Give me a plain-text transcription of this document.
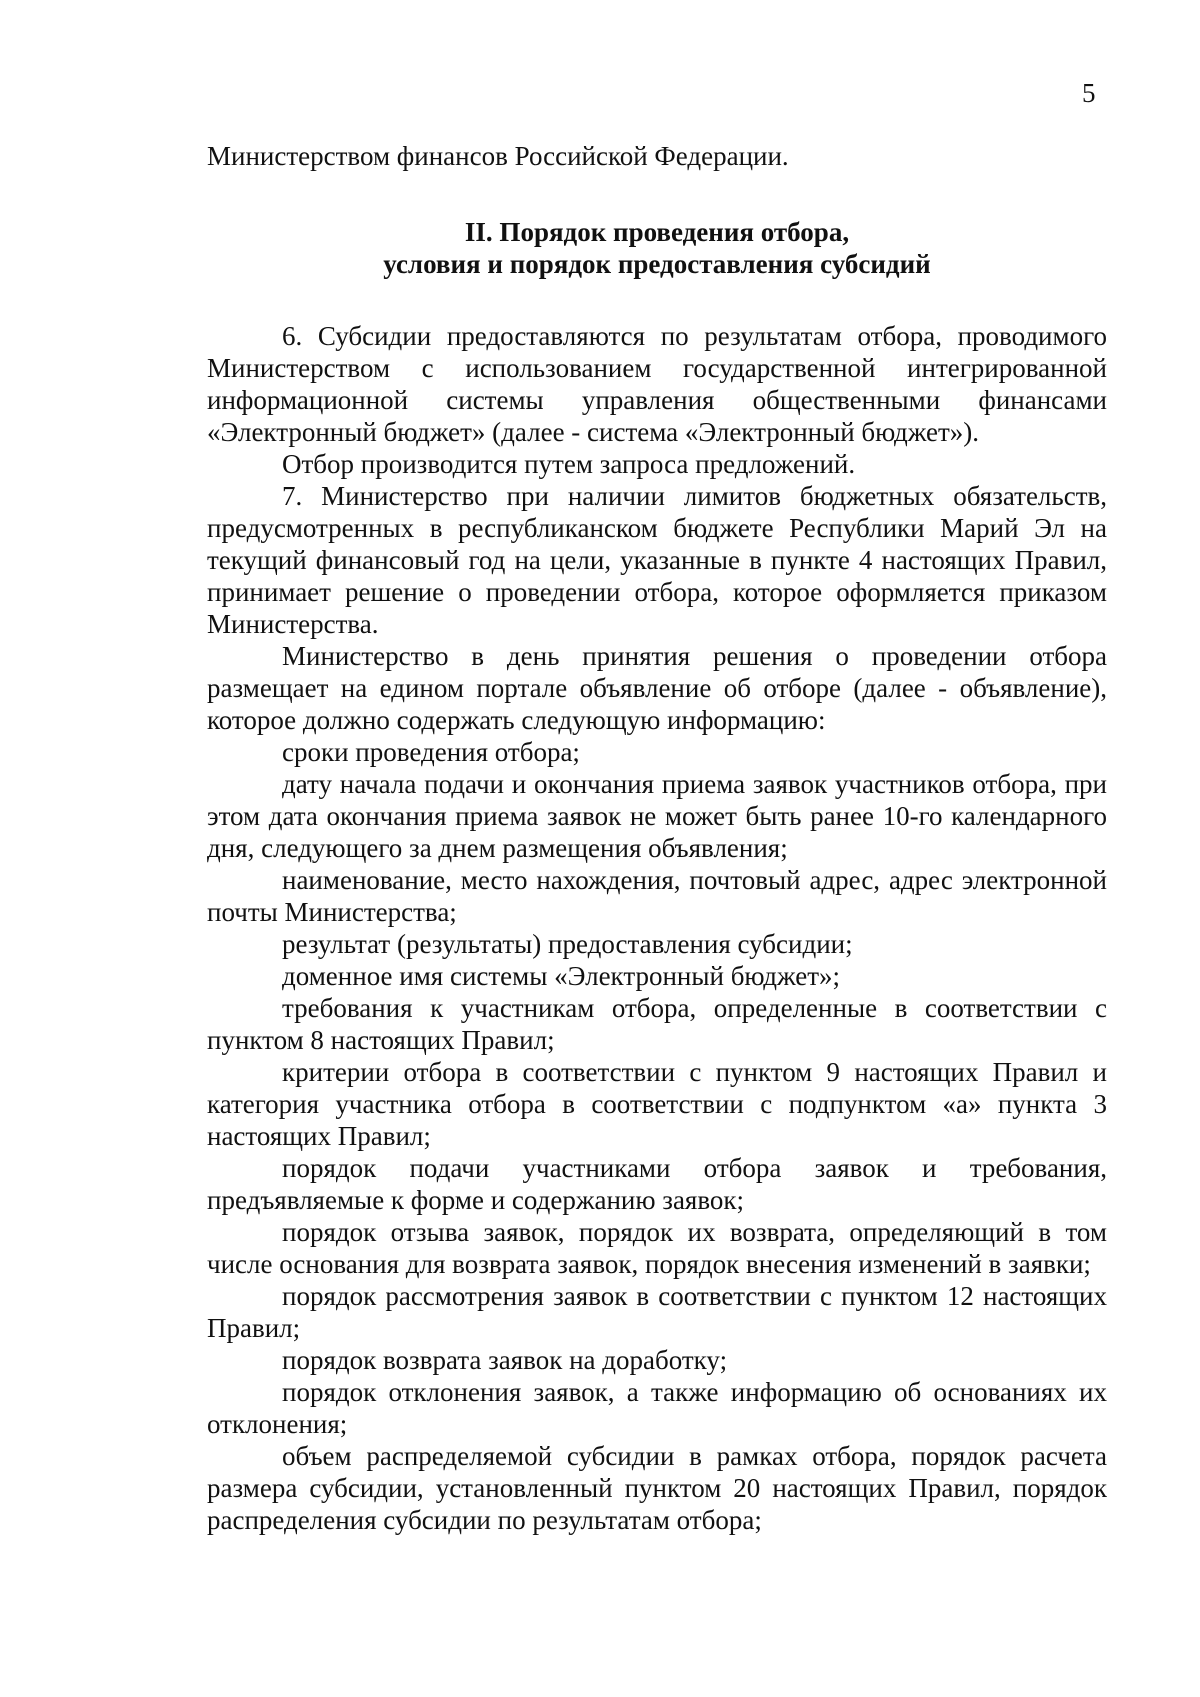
5

Министерством финансов Российской Федерации.

II. Порядок проведения отбора,
условия и порядок предоставления субсидий

6. Субсидии предоставляются по результатам отбора, проводимого Министерством с использованием государственной интегрированной информационной системы управления общественными финансами «Электронный бюджет» (далее - система «Электронный бюджет»).

Отбор производится путем запроса предложений.

7. Министерство при наличии лимитов бюджетных обязательств, предусмотренных в республиканском бюджете Республики Марий Эл на текущий финансовый год на цели, указанные в пункте 4 настоящих Правил, принимает решение о проведении отбора, которое оформляется приказом Министерства.

Министерство в день принятия решения о проведении отбора размещает на едином портале объявление об отборе (далее - объявление), которое должно содержать следующую информацию:

сроки проведения отбора;

дату начала подачи и окончания приема заявок участников отбора, при этом дата окончания приема заявок не может быть ранее 10-го календарного дня, следующего за днем размещения объявления;

наименование, место нахождения, почтовый адрес, адрес электронной почты Министерства;

результат (результаты) предоставления субсидии;

доменное имя системы «Электронный бюджет»;

требования к участникам отбора, определенные в соответствии с пунктом 8 настоящих Правил;

критерии отбора в соответствии с пунктом 9 настоящих Правил и категория участника отбора в соответствии с подпунктом «а» пункта 3 настоящих Правил;

порядок подачи участниками отбора заявок и требования, предъявляемые к форме и содержанию заявок;

порядок отзыва заявок, порядок их возврата, определяющий в том числе основания для возврата заявок, порядок внесения изменений в заявки;

порядок рассмотрения заявок в соответствии с пунктом 12 настоящих Правил;

порядок возврата заявок на доработку;

порядок отклонения заявок, а также информацию об основаниях их отклонения;

объем распределяемой субсидии в рамках отбора, порядок расчета размера субсидии, установленный пунктом 20 настоящих Правил, порядок распределения субсидии по результатам отбора;
